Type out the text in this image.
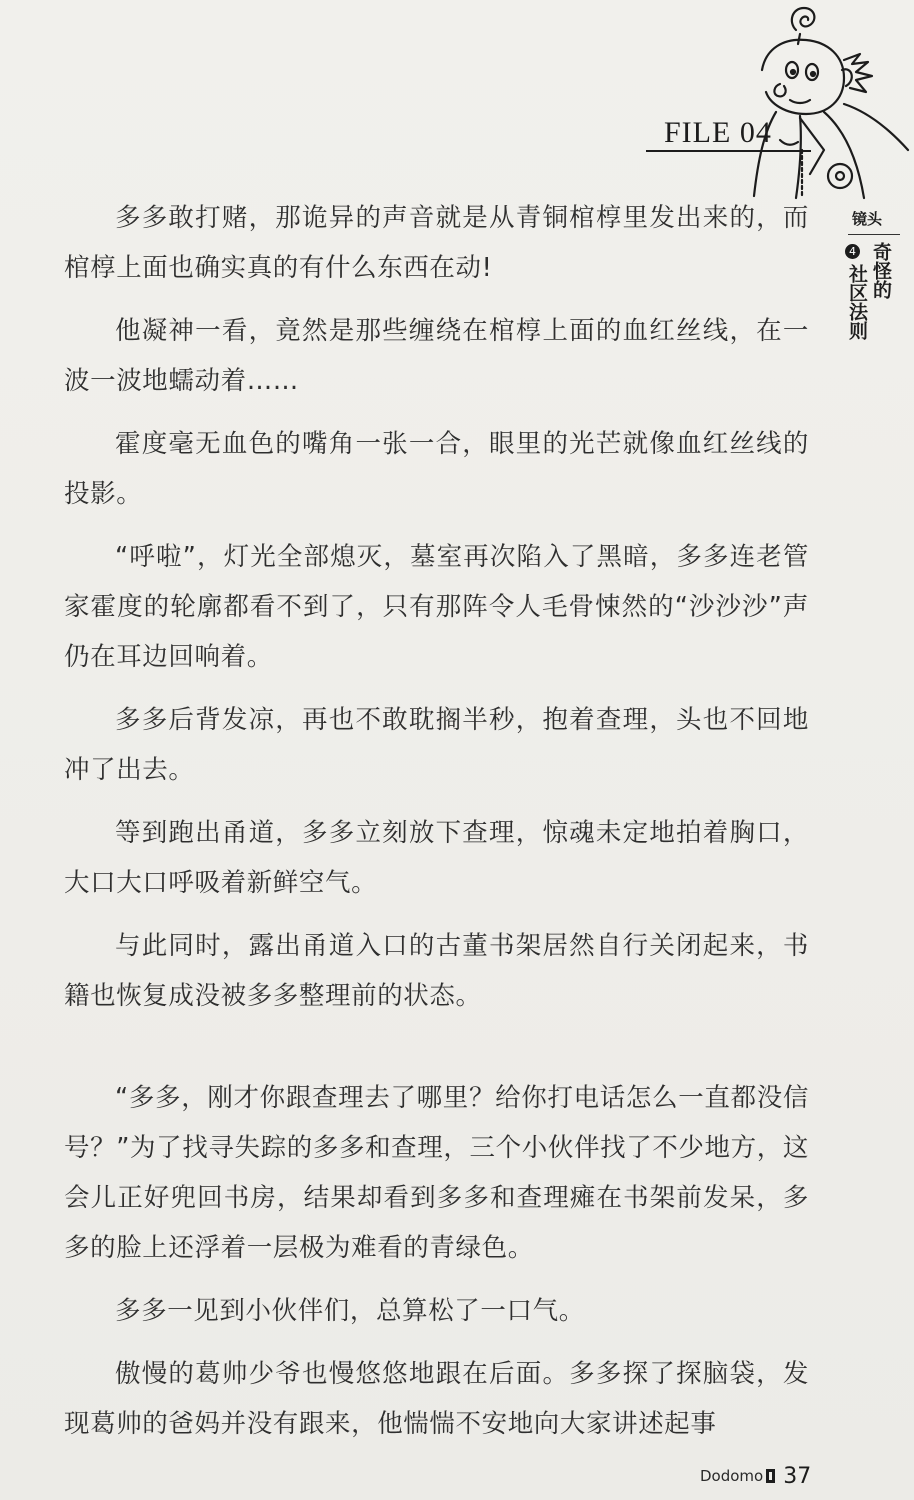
FILE 04
镜头
4 奇怪的
社区法则

多多敢打赌，那诡异的声音就是从青铜棺椁里发出来的，而棺椁上面也确实真的有什么东西在动!

他凝神一看，竟然是那些缠绕在棺椁上面的血红丝线，在一波一波地蠕动着……

霍度毫无血色的嘴角一张一合，眼里的光芒就像血红丝线的投影。

“呼啦”，灯光全部熄灭，墓室再次陷入了黑暗，多多连老管家霍度的轮廓都看不到了，只有那阵令人毛骨悚然的“沙沙沙”声仍在耳边回响着。

多多后背发凉，再也不敢耽搁半秒，抱着查理，头也不回地冲了出去。

等到跑出甬道，多多立刻放下查理，惊魂未定地拍着胸口，大口大口呼吸着新鲜空气。

与此同时，露出甬道入口的古董书架居然自行关闭起来，书籍也恢复成没被多多整理前的状态。

“多多，刚才你跟查理去了哪里？给你打电话怎么一直都没信号？”为了找寻失踪的多多和查理，三个小伙伴找了不少地方，这会儿正好兜回书房，结果却看到多多和查理瘫在书架前发呆，多多的脸上还浮着一层极为难看的青绿色。

多多一见到小伙伴们，总算松了一口气。

傲慢的葛帅少爷也慢悠悠地跟在后面。多多探了探脑袋，发现葛帅的爸妈并没有跟来，他惴惴不安地向大家讲述起事

Dodomo 37
